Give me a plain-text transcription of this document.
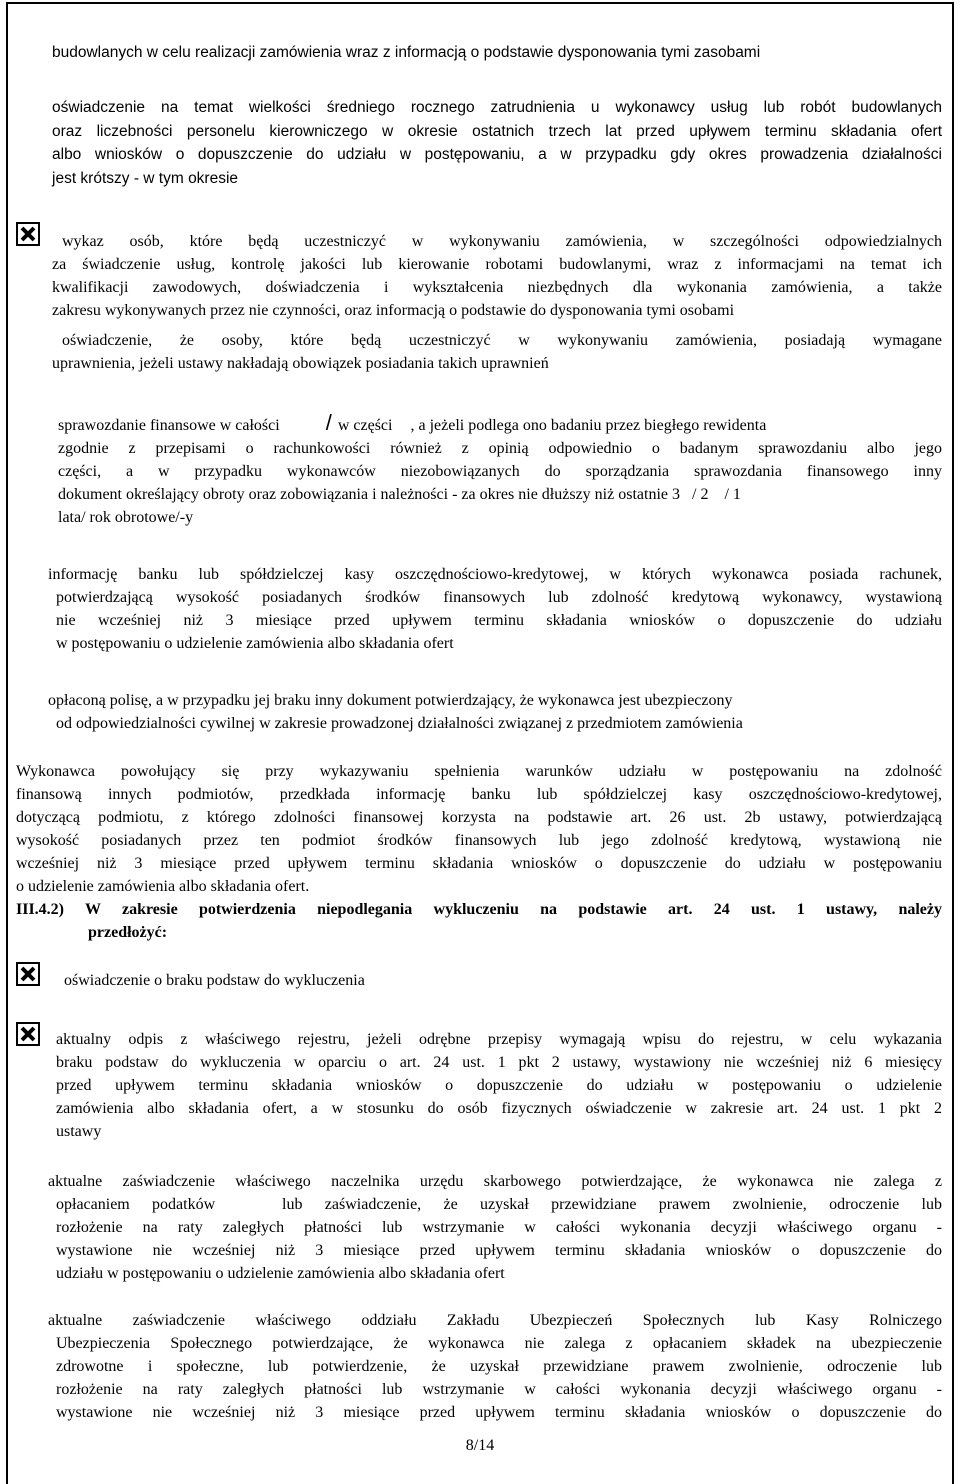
budowlanych w celu realizacji zamówienia wraz z informacją o podstawie dysponowania tymi zasobami
oświadczenie na temat wielkości średniego rocznego zatrudnienia u wykonawcy usług lub robót budowlanych
oraz liczebności personelu kierowniczego w okresie ostatnich trzech lat przed upływem terminu składania ofert
albo wniosków o dopuszczenie do udziału w postępowaniu, a w przypadku gdy okres prowadzenia działalności
jest krótszy - w tym okresie
wykaz osób, które będą uczestniczyć w wykonywaniu zamówienia, w szczególności odpowiedzialnych
za świadczenie usług, kontrolę jakości lub kierowanie robotami budowlanymi, wraz z informacjami na temat ich
kwalifikacji zawodowych, doświadczenia i wykształcenia niezbędnych dla wykonania zamówienia, a także
zakresu wykonywanych przez nie czynności, oraz informacją o podstawie do dysponowania tymi osobami
oświadczenie, że osoby, które będą uczestniczyć w wykonywaniu zamówienia, posiadają wymagane
uprawnienia, jeżeli ustawy nakładają obowiązek posiadania takich uprawnień
sprawozdanie finansowe w całości / w części , a jeżeli podlega ono badaniu przez biegłego rewidenta
zgodnie z przepisami o rachunkowości również z opinią odpowiednio o badanym sprawozdaniu albo jego
części, a w przypadku wykonawców niezobowiązanych do sporządzania sprawozdania finansowego inny
dokument określający obroty oraz zobowiązania i należności - za okres nie dłuższy niż ostatnie 3   / 2    / 1
lata/ rok obrotowe/-y
informację banku lub spółdzielczej kasy oszczędnościowo-kredytowej, w których wykonawca posiada rachunek,
potwierdzającą wysokość posiadanych środków finansowych lub zdolność kredytową wykonawcy, wystawioną
nie wcześniej niż 3 miesiące przed upływem terminu składania wniosków o dopuszczenie do udziału
w postępowaniu o udzielenie zamówienia albo składania ofert
opłaconą polisę, a w przypadku jej braku inny dokument potwierdzający, że wykonawca jest ubezpieczony
od odpowiedzialności cywilnej w zakresie prowadzonej działalności związanej z przedmiotem zamówienia
Wykonawca powołujący się przy wykazywaniu spełnienia warunków udziału w postępowaniu na zdolność
finansową innych podmiotów, przedkłada informację banku lub spółdzielczej kasy oszczędnościowo-kredytowej,
dotyczącą podmiotu, z którego zdolności finansowej korzysta na podstawie art. 26 ust. 2b ustawy, potwierdzającą
wysokość posiadanych przez ten podmiot środków finansowych lub jego zdolność kredytową, wystawioną nie
wcześniej niż 3 miesiące przed upływem terminu składania wniosków o dopuszczenie do udziału w postępowaniu
o udzielenie zamówienia albo składania ofert.
III.4.2) W zakresie potwierdzenia niepodlegania wykluczeniu na podstawie art. 24 ust. 1 ustawy, należy
przedłożyć:
oświadczenie o braku podstaw do wykluczenia
aktualny odpis z właściwego rejestru, jeżeli odrębne przepisy wymagają wpisu do rejestru, w celu wykazania
braku podstaw do wykluczenia w oparciu o art. 24 ust. 1 pkt 2 ustawy, wystawiony nie wcześniej niż 6 miesięcy
przed upływem terminu składania wniosków o dopuszczenie do udziału w postępowaniu o udzielenie
zamówienia albo składania ofert, a w stosunku do osób fizycznych oświadczenie w zakresie art. 24 ust. 1 pkt 2
ustawy
aktualne zaświadczenie właściwego naczelnika urzędu skarbowego potwierdzające, że wykonawca nie zalega z
opłacaniem podatków   lub zaświadczenie, że uzyskał przewidziane prawem zwolnienie, odroczenie lub
rozłożenie na raty zaległych płatności lub wstrzymanie w całości wykonania decyzji właściwego organu -
wystawione nie wcześniej niż 3 miesiące przed upływem terminu składania wniosków o dopuszczenie do
udziału w postępowaniu o udzielenie zamówienia albo składania ofert
aktualne zaświadczenie właściwego oddziału Zakładu Ubezpieczeń Społecznych lub Kasy Rolniczego
Ubezpieczenia Społecznego potwierdzające, że wykonawca nie zalega z opłacaniem składek na ubezpieczenie
zdrowotne i społeczne, lub potwierdzenie, że uzyskał przewidziane prawem zwolnienie, odroczenie lub
rozłożenie na raty zaległych płatności lub wstrzymanie w całości wykonania decyzji właściwego organu -
wystawione nie wcześniej niż 3 miesiące przed upływem terminu składania wniosków o dopuszczenie do
8/14
